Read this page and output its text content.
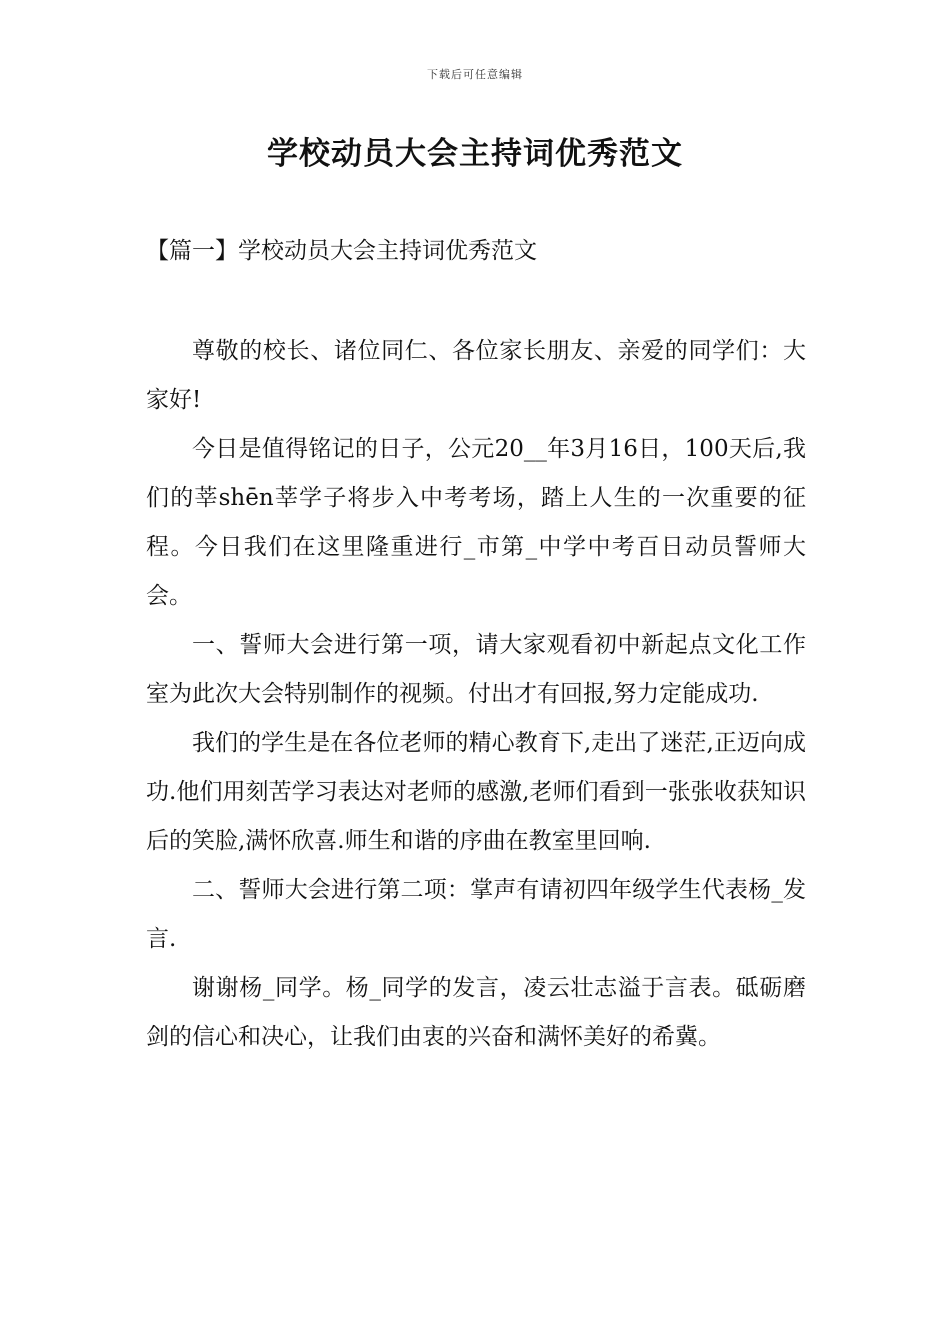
下载后可任意编辑
学校动员大会主持词优秀范文
【篇一】学校动员大会主持词优秀范文

尊敬的校长、诸位同仁、各位家长朋友、亲爱的同学们：大家好!

今日是值得铭记的日子，公元20__年3月16日，100天后,我们的莘shēn莘学子将步入中考考场，踏上人生的一次重要的征程。今日我们在这里隆重进行_市第_中学中考百日动员誓师大会。

一、誓师大会进行第一项，请大家观看初中新起点文化工作室为此次大会特别制作的视频。付出才有回报,努力定能成功.

我们的学生是在各位老师的精心教育下,走出了迷茫,正迈向成功.他们用刻苦学习表达对老师的感激,老师们看到一张张收获知识后的笑脸,满怀欣喜.师生和谐的序曲在教室里回响.

二、誓师大会进行第二项：掌声有请初四年级学生代表杨_发言.

谢谢杨_同学。杨_同学的发言，凌云壮志溢于言表。砥砺磨剑的信心和决心，让我们由衷的兴奋和满怀美好的希冀。
